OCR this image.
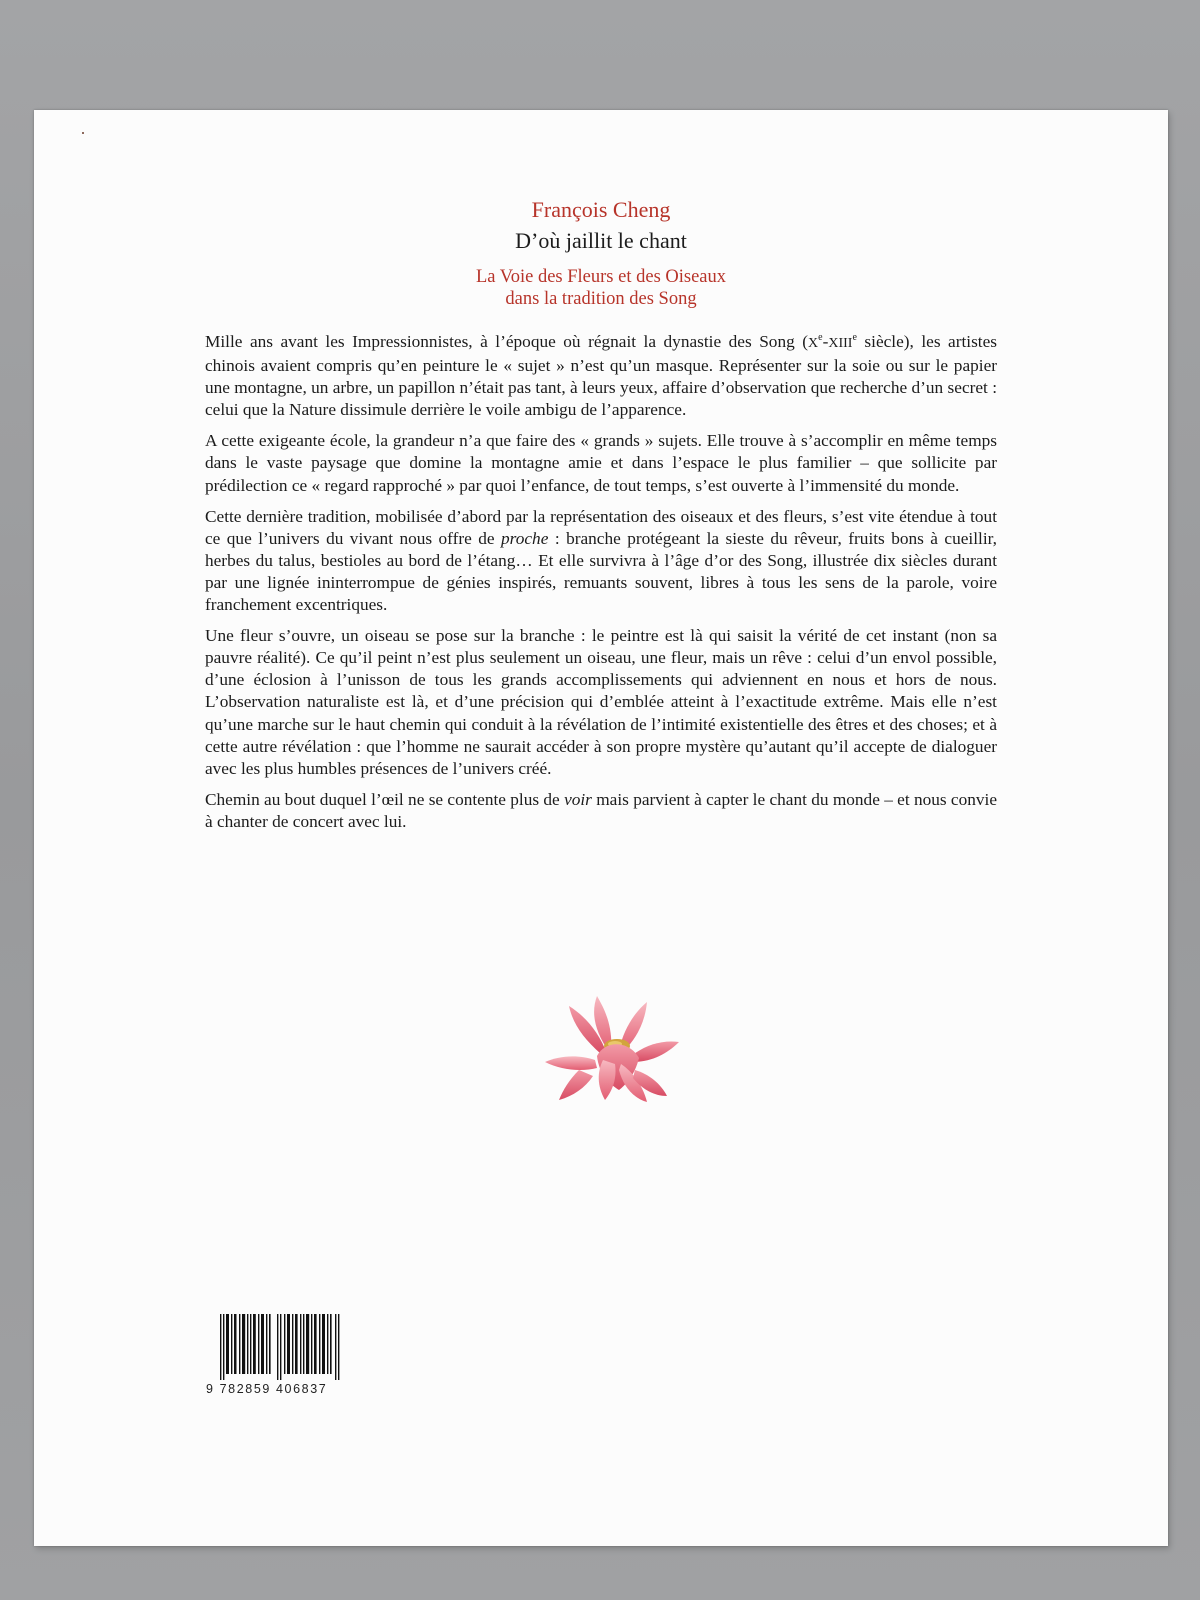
François Cheng

D’où jaillit le chant

La Voie des Fleurs et des Oiseaux
dans la tradition des Song

Mille ans avant les Impressionnistes, à l’époque où régnait la dynastie des Song (Xe-XIIIe siècle), les artistes chinois avaient compris qu’en peinture le « sujet » n’est qu’un masque. Représenter sur la soie ou sur le papier une montagne, un arbre, un papillon n’était pas tant, à leurs yeux, affaire d’observation que recherche d’un secret : celui que la Nature dissimule derrière le voile ambigu de l’apparence.

A cette exigeante école, la grandeur n’a que faire des « grands » sujets. Elle trouve à s’accomplir en même temps dans le vaste paysage que domine la montagne amie et dans l’espace le plus familier – que sollicite par prédilection ce « regard rapproché » par quoi l’enfance, de tout temps, s’est ouverte à l’immensité du monde.

Cette dernière tradition, mobilisée d’abord par la représentation des oiseaux et des fleurs, s’est vite étendue à tout ce que l’univers du vivant nous offre de proche : branche protégeant la sieste du rêveur, fruits bons à cueillir, herbes du talus, bestioles au bord de l’étang… Et elle survivra à l’âge d’or des Song, illustrée dix siècles durant par une lignée ininterrompue de génies inspirés, remuants souvent, libres à tous les sens de la parole, voire franchement excentriques.

Une fleur s’ouvre, un oiseau se pose sur la branche : le peintre est là qui saisit la vérité de cet instant (non sa pauvre réalité). Ce qu’il peint n’est plus seulement un oiseau, une fleur, mais un rêve : celui d’un envol possible, d’une éclosion à l’unisson de tous les grands accomplissements qui adviennent en nous et hors de nous. L’observation naturaliste est là, et d’une précision qui d’emblée atteint à l’exactitude extrême. Mais elle n’est qu’une marche sur le haut chemin qui conduit à la révélation de l’intimité existentielle des êtres et des choses; et à cette autre révélation : que l’homme ne saurait accéder à son propre mystère qu’autant qu’il accepte de dialoguer avec les plus humbles présences de l’univers créé.

Chemin au bout duquel l’œil ne se contente plus de voir mais parvient à capter le chant du monde – et nous convie à chanter de concert avec lui.

9 782859 406837
